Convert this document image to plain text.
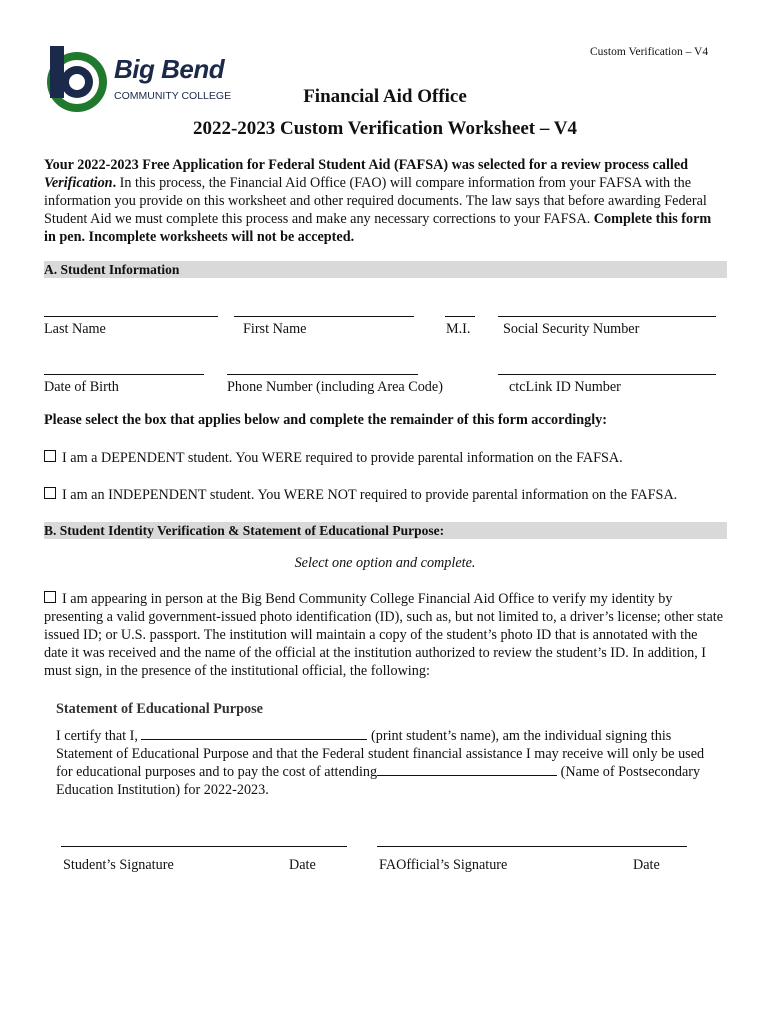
Custom Verification – V4
Big Bend
COMMUNITY COLLEGE	Financial Aid Office
2022-2023 Custom Verification Worksheet – V4
Your 2022-2023 Free Application for Federal Student Aid (FAFSA) was selected for a review process called Verification. In this process, the Financial Aid Office (FAO) will compare information from your FAFSA with the information you provide on this worksheet and other required documents. The law says that before awarding Federal Student Aid we must complete this process and make any necessary corrections to your FAFSA. Complete this form in pen. Incomplete worksheets will not be accepted.
A. Student Information
Last Name	First Name	M.I. Social Security Number
Date of Birth	Phone Number (including Area Code)	ctcLink ID Number
Please select the box that applies below and complete the remainder of this form accordingly:
I am a DEPENDENT student. You WERE required to provide parental information on the FAFSA.
I am an INDEPENDENT student. You WERE NOT required to provide parental information on the FAFSA.
B. Student Identity Verification & Statement of Educational Purpose:
Select one option and complete.
I am appearing in person at the Big Bend Community College Financial Aid Office to verify my identity by presenting a valid government-issued photo identification (ID), such as, but not limited to, a driver’s license; other state issued ID; or U.S. passport. The institution will maintain a copy of the student’s photo ID that is annotated with the date it was received and the name of the official at the institution authorized to review the student’s ID. In addition, I must sign, in the presence of the institutional official, the following:
Statement of Educational Purpose
I certify that I,	(print student’s name), am the individual signing this Statement of Educational Purpose and that the Federal student financial assistance I may receive will only be used for educational purposes and to pay the cost of attending	(Name of Postsecondary Education Institution) for 2022-2023.
Student’s Signature	Date	FAOfficial’s Signature	Date
